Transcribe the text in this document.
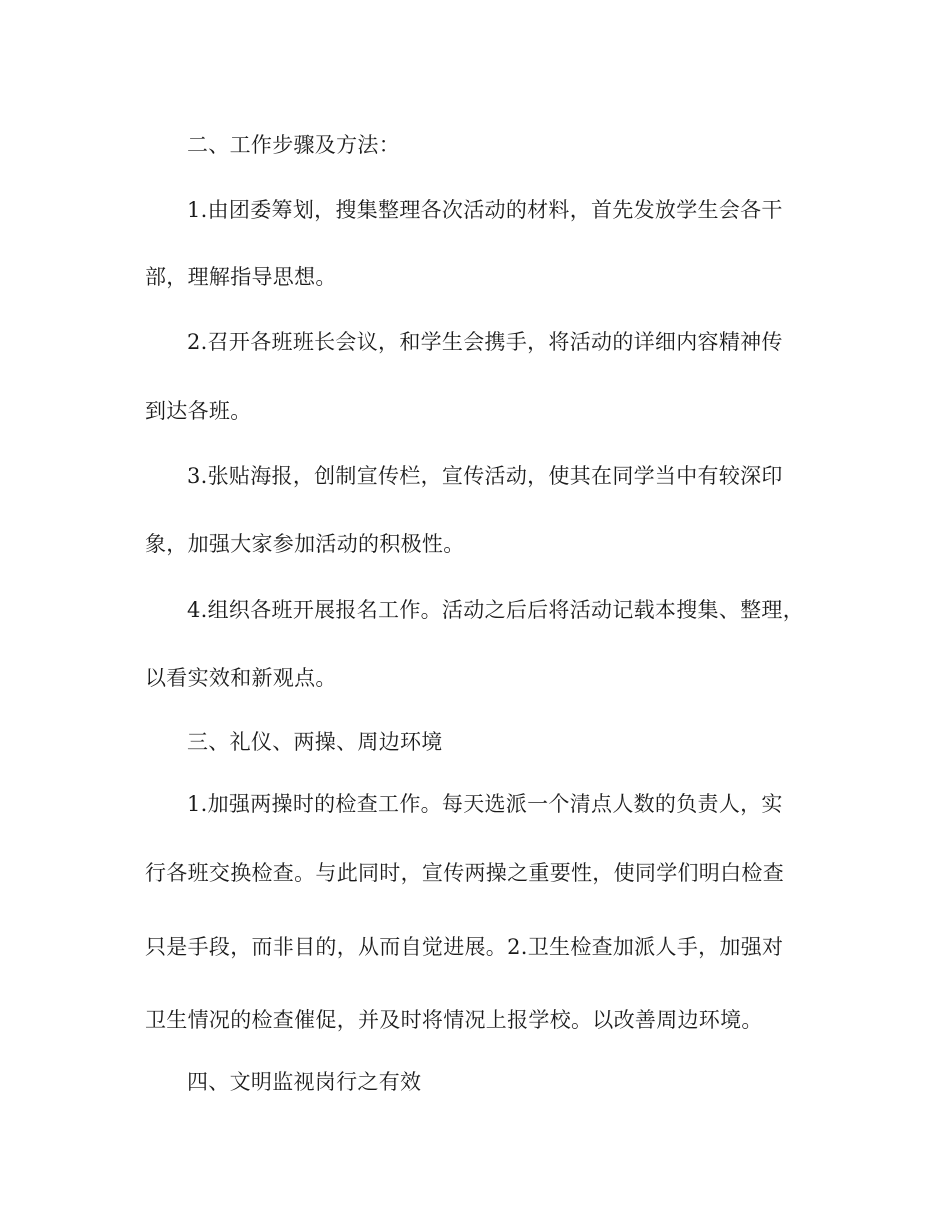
二、工作步骤及方法：
1.由团委筹划，搜集整理各次活动的材料，首先发放学生会各干
部，理解指导思想。
2.召开各班班长会议，和学生会携手，将活动的详细内容精神传
到达各班。
3.张贴海报，创制宣传栏，宣传活动，使其在同学当中有较深印
象，加强大家参加活动的积极性。
4.组织各班开展报名工作。活动之后后将活动记载本搜集、整理，
以看实效和新观点。
三、礼仪、两操、周边环境
1.加强两操时的检查工作。每天选派一个清点人数的负责人，实
行各班交换检查。与此同时，宣传两操之重要性，使同学们明白检查
只是手段，而非目的，从而自觉进展。2.卫生检查加派人手，加强对
卫生情况的检查催促，并及时将情况上报学校。以改善周边环境。
四、文明监视岗行之有效
